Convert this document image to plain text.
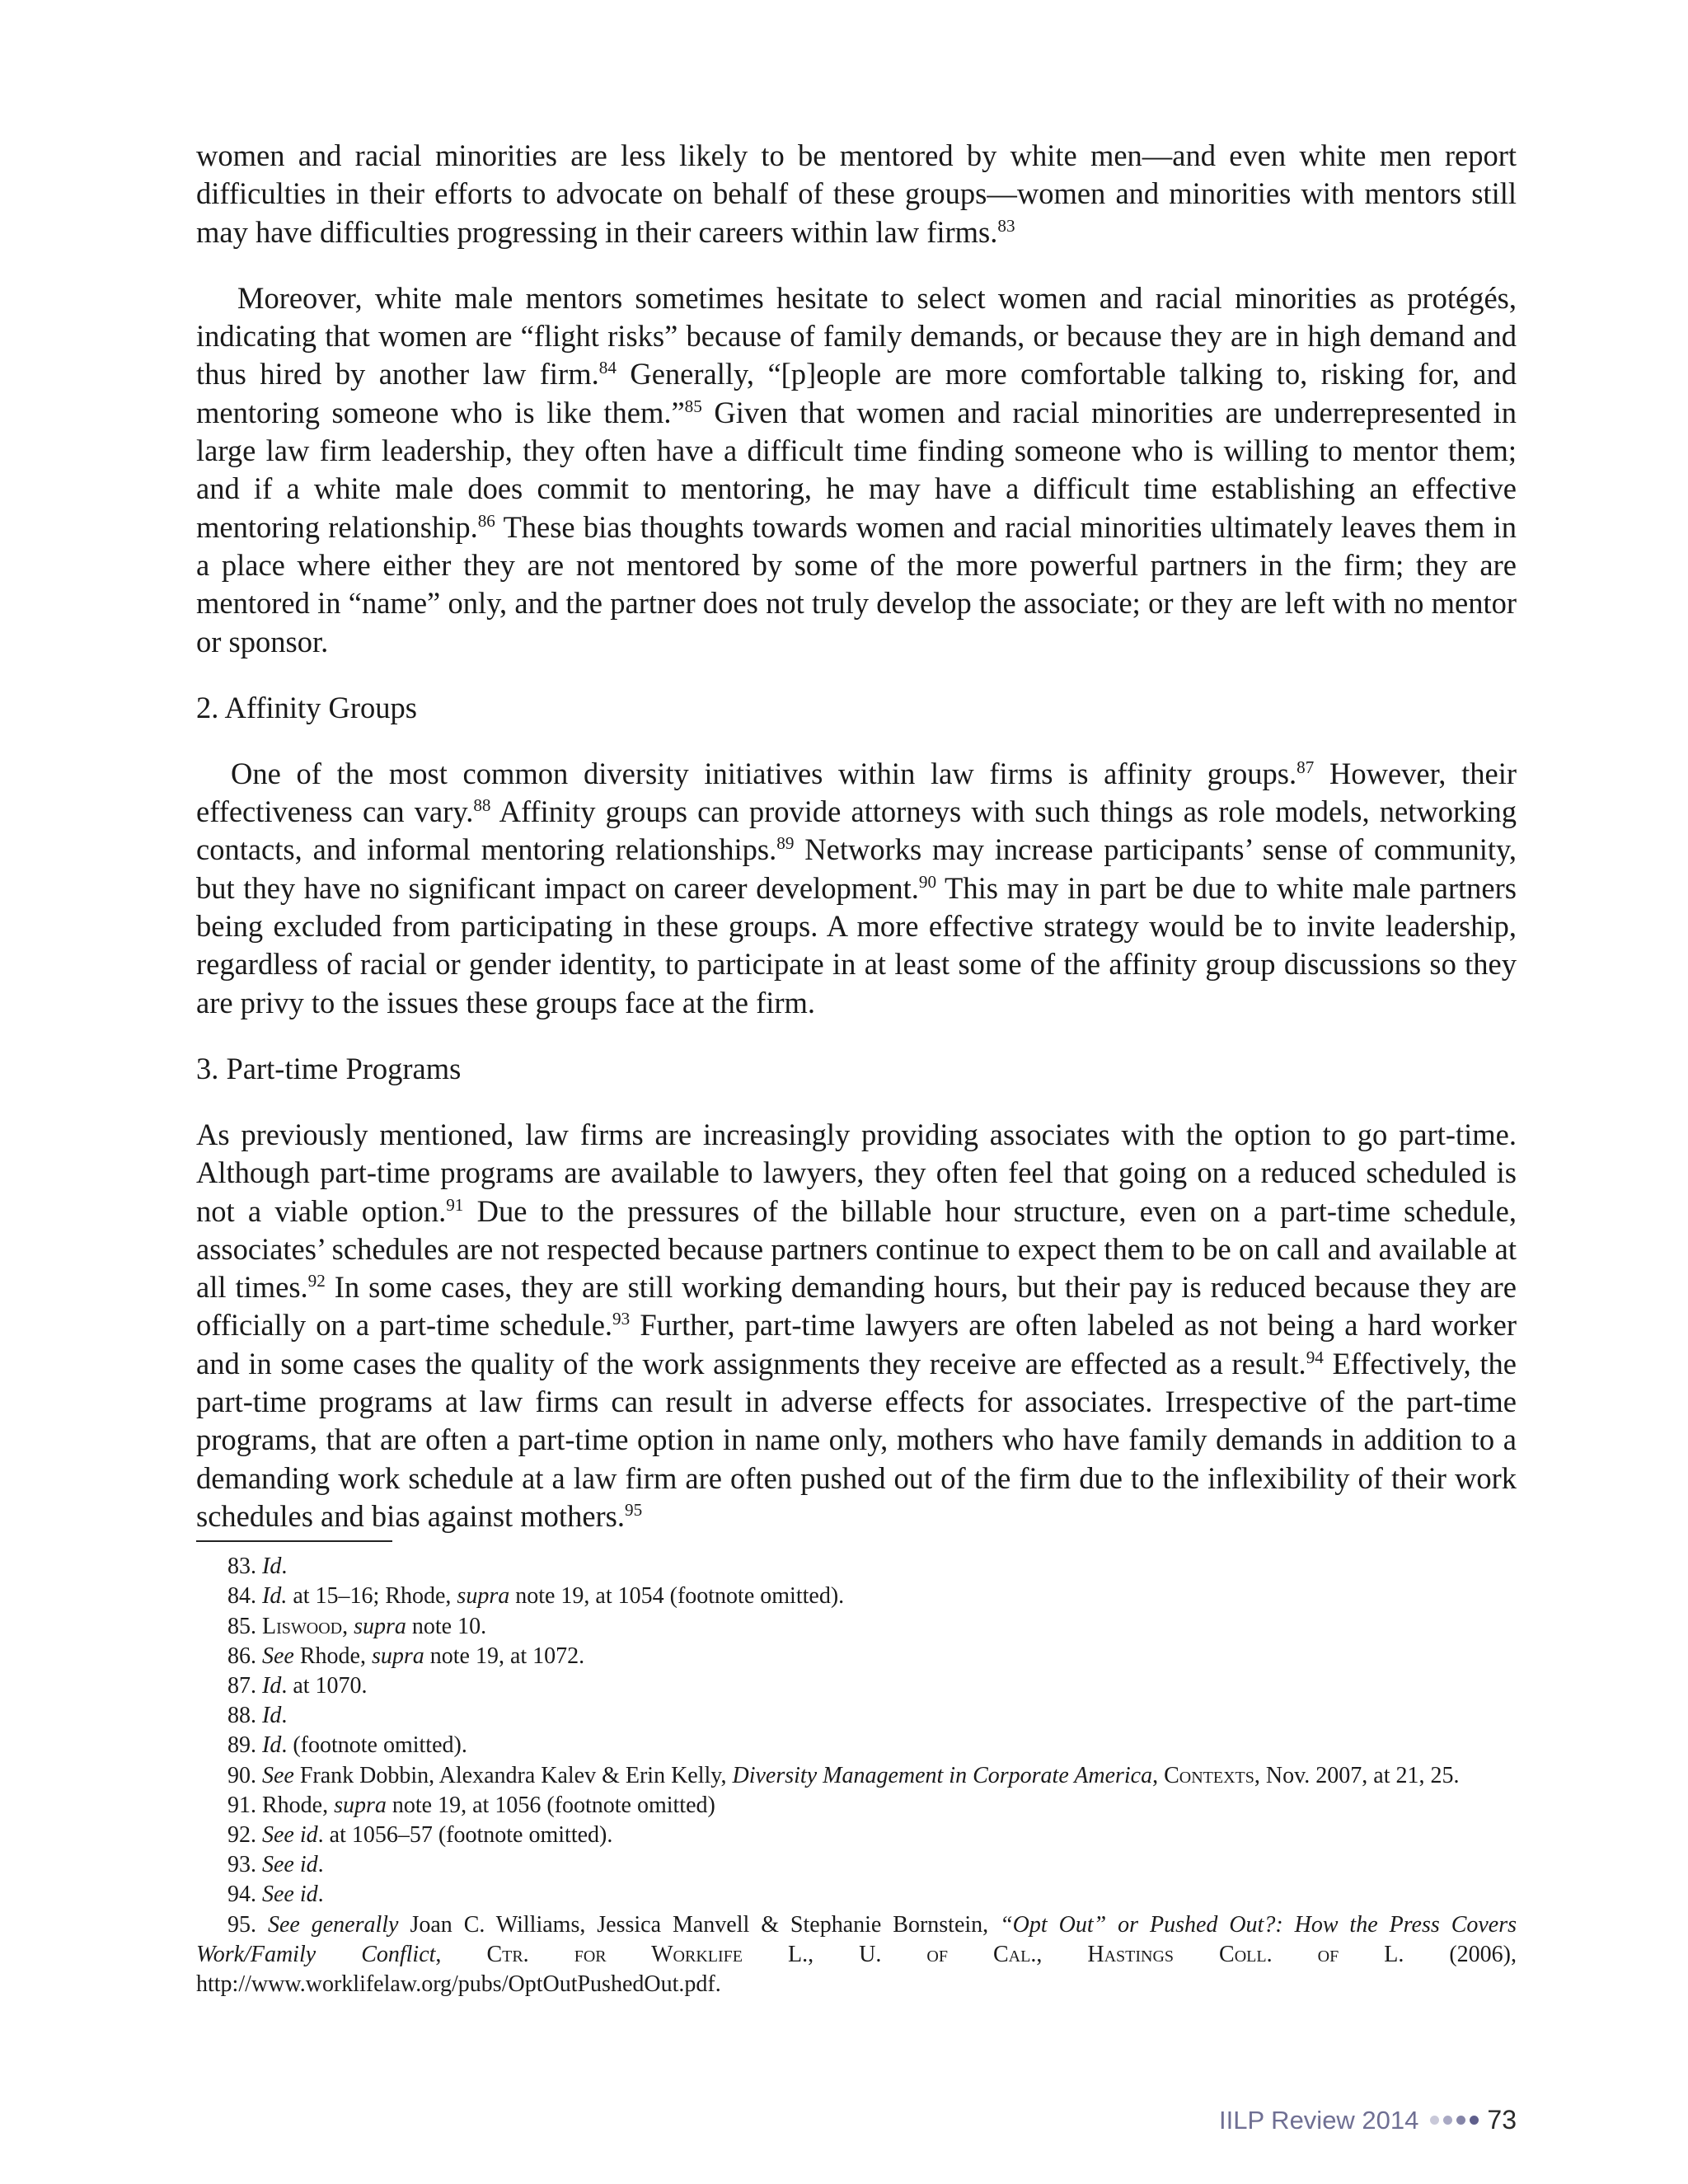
women and racial minorities are less likely to be mentored by white men—and even white men report difficulties in their efforts to advocate on behalf of these groups—women and minorities with mentors still may have difficulties progressing in their careers within law firms.$^{83}$

Moreover, white male mentors sometimes hesitate to select women and racial minorities as protégés, indicating that women are “flight risks” because of family demands, or because they are in high demand and thus hired by another law firm.$^{84}$ Generally, “[p]eople are more comfortable talking to, risking for, and mentoring someone who is like them.”$^{85}$ Given that women and racial minorities are underrepresented in large law firm leadership, they often have a difficult time finding someone who is willing to mentor them; and if a white male does commit to mentoring, he may have a difficult time establishing an effective mentoring relationship.$^{86}$ These bias thoughts towards women and racial minorities ultimately leaves them in a place where either they are not mentored by some of the more powerful partners in the firm; they are mentored in “name” only, and the partner does not truly develop the associate; or they are left with no mentor or sponsor.

2. Affinity Groups

One of the most common diversity initiatives within law firms is affinity groups.$^{87}$ However, their effectiveness can vary.$^{88}$ Affinity groups can provide attorneys with such things as role models, networking contacts, and informal mentoring relationships.$^{89}$ Networks may increase participants’ sense of community, but they have no significant impact on career development.$^{90}$ This may in part be due to white male partners being excluded from participating in these groups. A more effective strategy would be to invite leadership, regardless of racial or gender identity, to participate in at least some of the affinity group discussions so they are privy to the issues these groups face at the firm.

3. Part-time Programs

As previously mentioned, law firms are increasingly providing associates with the option to go part-time. Although part-time programs are available to lawyers, they often feel that going on a reduced scheduled is not a viable option.$^{91}$ Due to the pressures of the billable hour structure, even on a part-time schedule, associates’ schedules are not respected because partners continue to expect them to be on call and available at all times.$^{92}$ In some cases, they are still working demanding hours, but their pay is reduced because they are officially on a part-time schedule.$^{93}$ Further, part-time lawyers are often labeled as not being a hard worker and in some cases the quality of the work assignments they receive are effected as a result.$^{94}$ Effectively, the part-time programs at law firms can result in adverse effects for associates. Irrespective of the part-time programs, that are often a part-time option in name only, mothers who have family demands in addition to a demanding work schedule at a law firm are often pushed out of the firm due to the inflexibility of their work schedules and bias against mothers.$^{95}$

83. Id.

84. Id. at 15–16; Rhode, supra note 19, at 1054 (footnote omitted).

85. Liswood, supra note 10.

86. See Rhode, supra note 19, at 1072.

87. Id. at 1070.

88. Id.

89. Id. (footnote omitted).

90. See Frank Dobbin, Alexandra Kalev & Erin Kelly, Diversity Management in Corporate America, Contexts, Nov. 2007, at 21, 25.

91. Rhode, supra note 19, at 1056 (footnote omitted)

92. See id. at 1056–57 (footnote omitted).

93. See id.

94. See id.

95. See generally Joan C. Williams, Jessica Manvell & Stephanie Bornstein, “Opt Out” or Pushed Out?: How the Press Covers Work/Family Conflict, Ctr. for Worklife L., U. of Cal., Hastings Coll. of L. (2006), http://www.worklifelaw.org/pubs/OptOutPushedOut.pdf.

IILP Review 2014	73
